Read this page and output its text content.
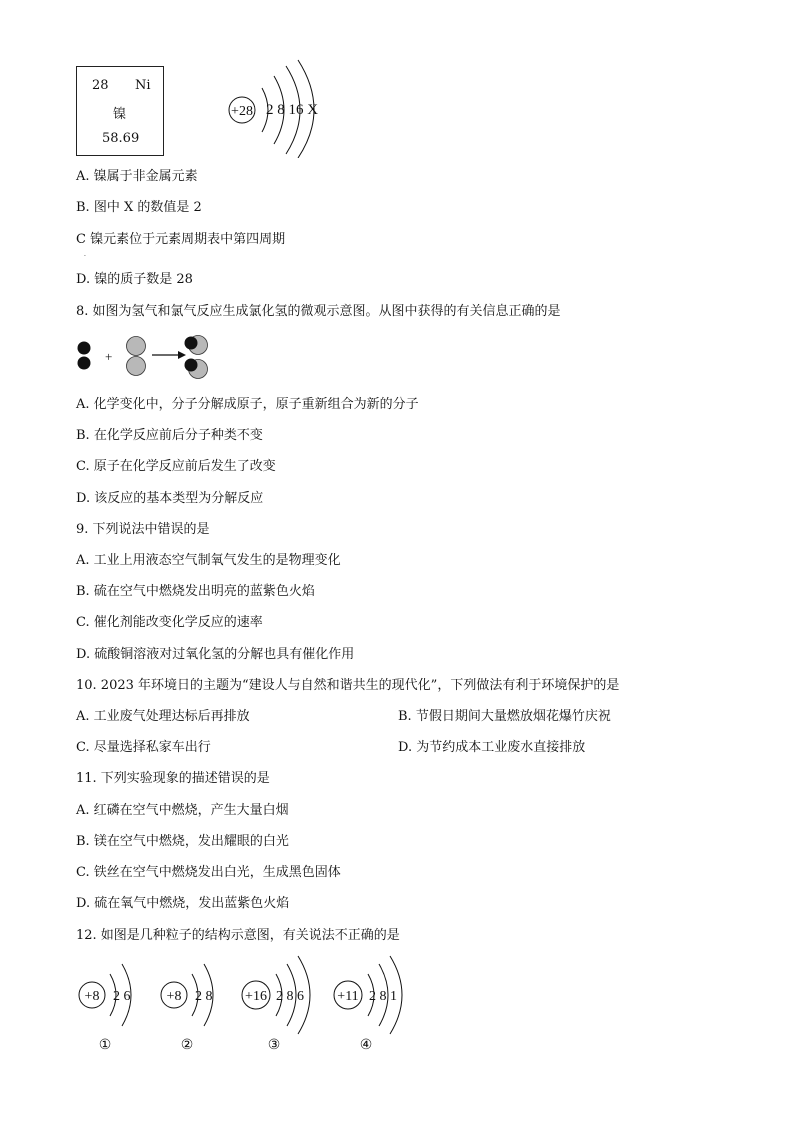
28 Ni
镍
58.69
+28 2 8 16 X
A. 镍属于非金属元素
B. 图中 X 的数值是 2
C 镍元素位于元素周期表中第四周期
·
D. 镍的质子数是 28
8. 如图为氢气和氯气反应生成氯化氢的微观示意图。从图中获得的有关信息正确的是
+
A. 化学变化中，分子分解成原子，原子重新组合为新的分子
B. 在化学反应前后分子种类不变
C. 原子在化学反应前后发生了改变
D. 该反应的基本类型为分解反应
9. 下列说法中错误的是
A. 工业上用液态空气制氧气发生的是物理变化
B. 硫在空气中燃烧发出明亮的蓝紫色火焰
C. 催化剂能改变化学反应的速率
D. 硫酸铜溶液对过氧化氢的分解也具有催化作用
10. 2023 年环境日的主题为“建设人与自然和谐共生的现代化”，下列做法有利于环境保护的是
A. 工业废气处理达标后再排放	B. 节假日期间大量燃放烟花爆竹庆祝
C. 尽量选择私家车出行	D. 为节约成本工业废水直接排放
11. 下列实验现象的描述错误的是
A. 红磷在空气中燃烧，产生大量白烟
B. 镁在空气中燃烧，发出耀眼的白光
C. 铁丝在空气中燃烧发出白光，生成黑色固体
D. 硫在氧气中燃烧，发出蓝紫色火焰
12. 如图是几种粒子的结构示意图，有关说法不正确的是
+8 2 6
①
+8 2 8
②
+16 2 8 6
③
+11 2 8 1
④
